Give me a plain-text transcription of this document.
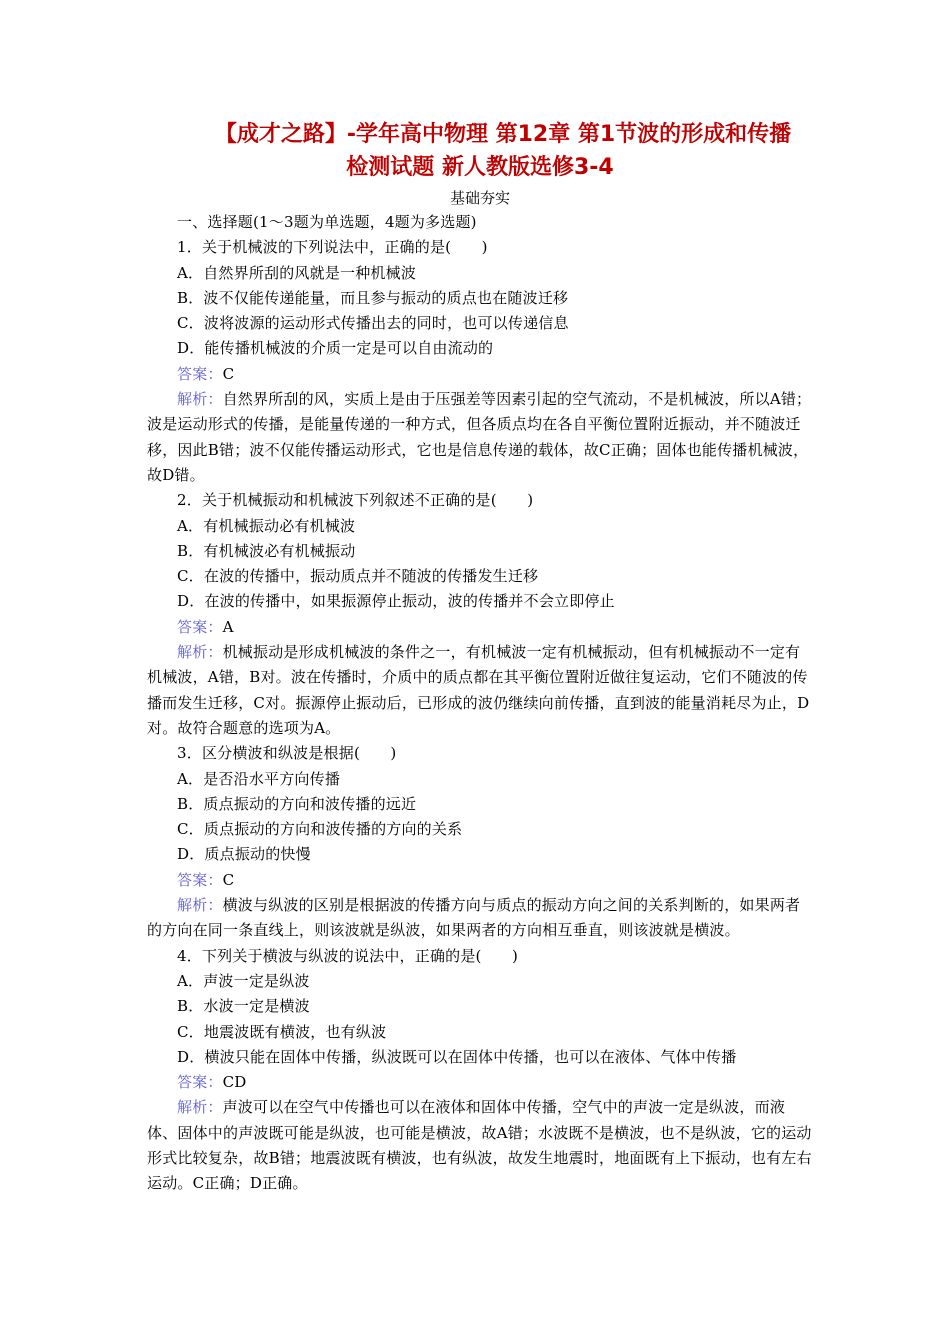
【成才之路】-学年高中物理 第12章 第1节波的形成和传播
检测试题 新人教版选修3-4
基础夯实

一、选择题(1～3题为单选题，4题为多选题)

1．关于机械波的下列说法中，正确的是(　　)

A．自然界所刮的风就是一种机械波

B．波不仅能传递能量，而且参与振动的质点也在随波迁移

C．波将波源的运动形式传播出去的同时，也可以传递信息

D．能传播机械波的介质一定是可以自由流动的

答案：C

解析：自然界所刮的风，实质上是由于压强差等因素引起的空气流动，不是机械波，所以A错；波是运动形式的传播，是能量传递的一种方式，但各质点均在各自平衡位置附近振动，并不随波迁移，因此B错；波不仅能传播运动形式，它也是信息传递的载体，故C正确；固体也能传播机械波，故D错。

2．关于机械振动和机械波下列叙述不正确的是(　　)

A．有机械振动必有机械波

B．有机械波必有机械振动

C．在波的传播中，振动质点并不随波的传播发生迁移

D．在波的传播中，如果振源停止振动，波的传播并不会立即停止

答案：A

解析：机械振动是形成机械波的条件之一，有机械波一定有机械振动，但有机械振动不一定有机械波，A错，B对。波在传播时，介质中的质点都在其平衡位置附近做往复运动，它们不随波的传播而发生迁移，C对。振源停止振动后，已形成的波仍继续向前传播，直到波的能量消耗尽为止，D对。故符合题意的选项为A。

3．区分横波和纵波是根据(　　)

A．是否沿水平方向传播

B．质点振动的方向和波传播的远近

C．质点振动的方向和波传播的方向的关系

D．质点振动的快慢

答案：C

解析：横波与纵波的区别是根据波的传播方向与质点的振动方向之间的关系判断的，如果两者的方向在同一条直线上，则该波就是纵波，如果两者的方向相互垂直，则该波就是横波。

4．下列关于横波与纵波的说法中，正确的是(　　)

A．声波一定是纵波

B．水波一定是横波

C．地震波既有横波，也有纵波

D．横波只能在固体中传播，纵波既可以在固体中传播，也可以在液体、气体中传播

答案：CD

解析：声波可以在空气中传播也可以在液体和固体中传播，空气中的声波一定是纵波，而液体、固体中的声波既可能是纵波，也可能是横波，故A错；水波既不是横波，也不是纵波，它的运动形式比较复杂，故B错；地震波既有横波，也有纵波，故发生地震时，地面既有上下振动，也有左右运动。C正确；D正确。
